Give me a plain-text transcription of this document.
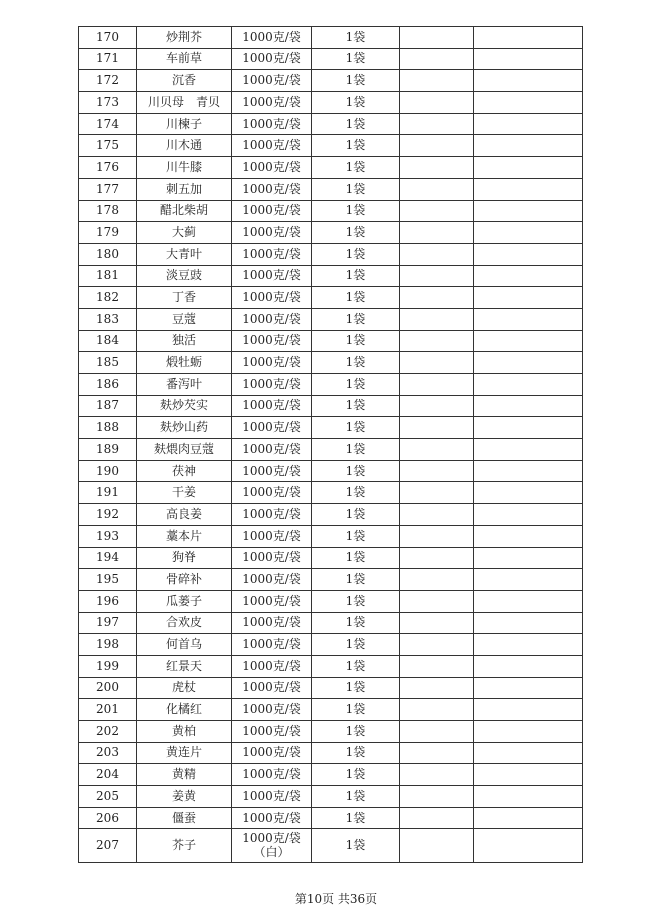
170	炒荆芥	1000克/袋	1袋		
171	车前草	1000克/袋	1袋		
172	沉香	1000克/袋	1袋		
173	川贝母　青贝	1000克/袋	1袋		
174	川楝子	1000克/袋	1袋		
175	川木通	1000克/袋	1袋		
176	川牛膝	1000克/袋	1袋		
177	刺五加	1000克/袋	1袋		
178	醋北柴胡	1000克/袋	1袋		
179	大蓟	1000克/袋	1袋		
180	大青叶	1000克/袋	1袋		
181	淡豆豉	1000克/袋	1袋		
182	丁香	1000克/袋	1袋		
183	豆蔻	1000克/袋	1袋		
184	独活	1000克/袋	1袋		
185	煅牡蛎	1000克/袋	1袋		
186	番泻叶	1000克/袋	1袋		
187	麸炒芡实	1000克/袋	1袋		
188	麸炒山药	1000克/袋	1袋		
189	麸煨肉豆蔻	1000克/袋	1袋		
190	茯神	1000克/袋	1袋		
191	干姜	1000克/袋	1袋		
192	高良姜	1000克/袋	1袋		
193	藁本片	1000克/袋	1袋		
194	狗脊	1000克/袋	1袋		
195	骨碎补	1000克/袋	1袋		
196	瓜蒌子	1000克/袋	1袋		
197	合欢皮	1000克/袋	1袋		
198	何首乌	1000克/袋	1袋		
199	红景天	1000克/袋	1袋		
200	虎杖	1000克/袋	1袋		
201	化橘红	1000克/袋	1袋		
202	黄柏	1000克/袋	1袋		
203	黄连片	1000克/袋	1袋		
204	黄精	1000克/袋	1袋		
205	姜黄	1000克/袋	1袋		
206	僵蚕	1000克/袋	1袋		
207	芥子	1000克/袋（白）	1袋		
第10页 共36页
